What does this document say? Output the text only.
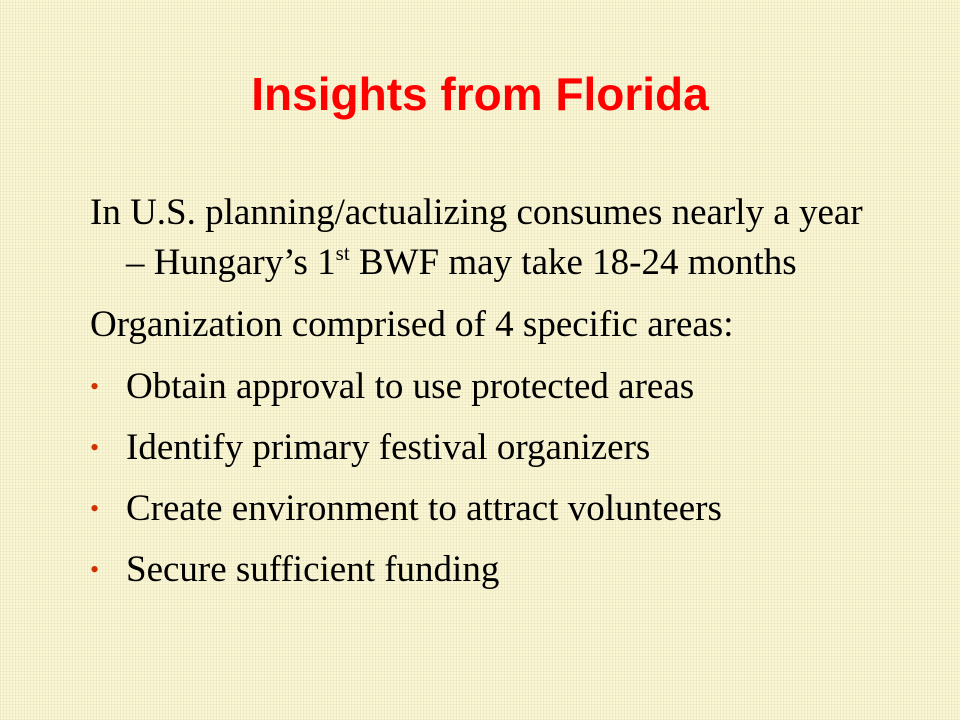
Insights from Florida

In U.S. planning/actualizing consumes nearly a year – Hungary’s 1st BWF may take 18-24 months

Organization comprised of 4 specific areas:

• Obtain approval to use protected areas
• Identify primary festival organizers
• Create environment to attract volunteers
• Secure sufficient funding
